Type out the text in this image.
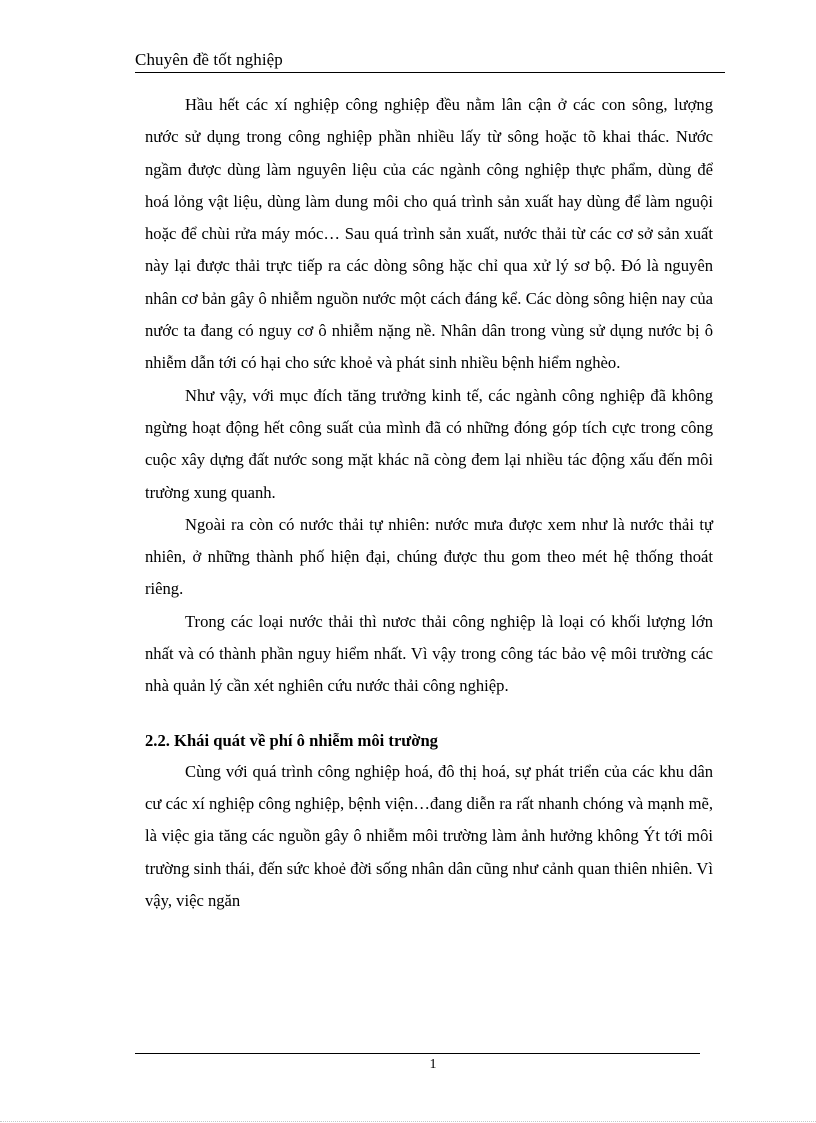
Chuyên đề tốt nghiệp

Hầu hết các xí nghiệp công nghiệp đều nằm lân cận ở các con sông, lượng nước sử dụng trong công nghiệp phần nhiều lấy từ sông hoặc tõ khai thác. Nước ngầm được dùng làm nguyên liệu của các ngành công nghiệp thực phẩm, dùng để hoá lỏng vật liệu, dùng làm dung môi cho quá trình sản xuất hay dùng để làm nguội hoặc để chùi rửa máy móc… Sau quá trình sản xuất, nước thải từ các cơ sở sản xuất này lại được thải trực tiếp ra các dòng sông hặc chỉ qua xử lý sơ bộ. Đó là nguyên nhân cơ bản gây ô nhiễm nguồn nước một cách đáng kể. Các dòng sông hiện nay của nước ta đang có nguy cơ ô nhiễm nặng nề. Nhân dân trong vùng sử dụng nước bị ô nhiễm dẫn tới có hại cho sức khoẻ và phát sinh nhiều bệnh hiểm nghèo.

Như vậy, với mục đích tăng trưởng kinh tế, các ngành công nghiệp đã không ngừng hoạt động hết công suất của mình đã có những đóng góp tích cực trong công cuộc xây dựng đất nước song mặt khác nã còng đem lại nhiều tác động xấu đến môi trường xung quanh.

Ngoài ra còn có nước thải tự nhiên: nước mưa được xem như là nước thải tự nhiên, ở những thành phố hiện đại, chúng được thu gom theo mét hệ thống thoát riêng.

Trong các loại nước thải thì nươc thải công nghiệp là loại có khối lượng lớn nhất và có thành phần nguy hiểm nhất. Vì vậy trong công tác bảo vệ môi trường các nhà quản lý cần xét nghiên cứu nước thải công nghiệp.

2.2. Khái quát về phí ô nhiễm môi trường

Cùng với quá trình công nghiệp hoá, đô thị hoá, sự phát triển của các khu dân cư các xí nghiệp công nghiệp, bệnh viện…đang diễn ra rất nhanh chóng và mạnh mẽ, là việc gia tăng các nguồn gây ô nhiễm môi trường làm ảnh hưởng không Ýt tới môi trường sinh thái, đến sức khoẻ đời sống nhân dân cũng như cảnh quan thiên nhiên. Vì vậy, việc ngăn

1
